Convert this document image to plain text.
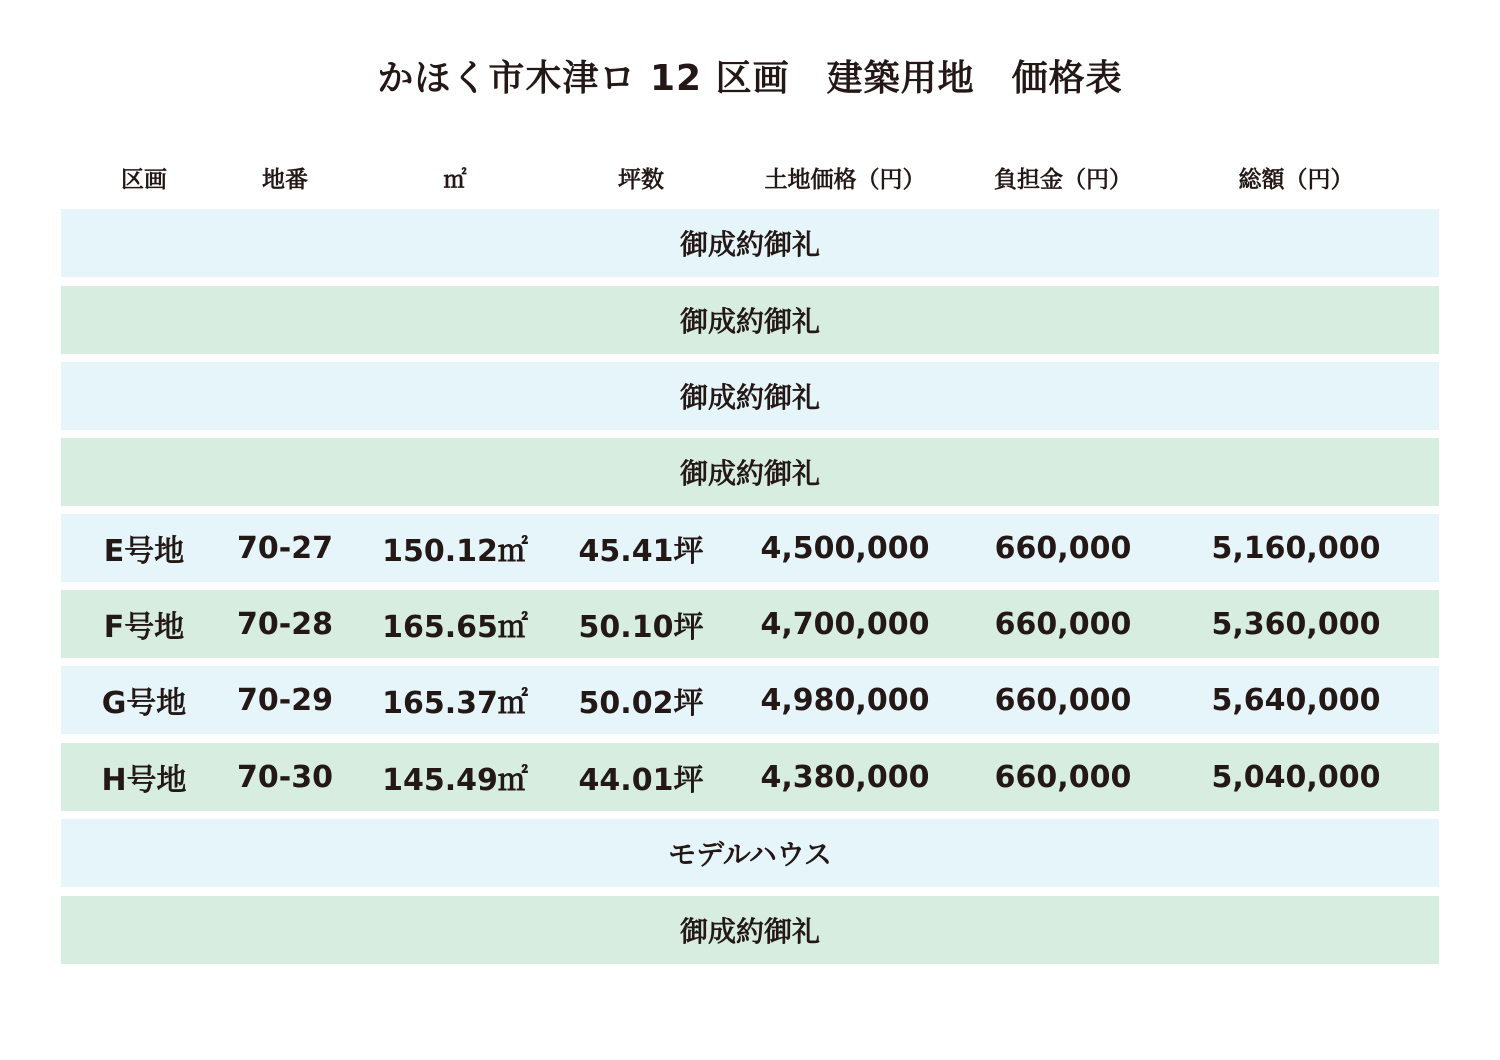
かほく市木津ロ 12 区画　建築用地　価格表
区画	地番	㎡	坪数	土地価格（円）	負担金（円）	総額（円）
御成約御礼
御成約御礼
御成約御礼
御成約御礼
E号地	70-27	150.12㎡	45.41坪	4,500,000	660,000	5,160,000
F号地	70-28	165.65㎡	50.10坪	4,700,000	660,000	5,360,000
G号地	70-29	165.37㎡	50.02坪	4,980,000	660,000	5,640,000
H号地	70-30	145.49㎡	44.01坪	4,380,000	660,000	5,040,000
モデルハウス
御成約御礼
